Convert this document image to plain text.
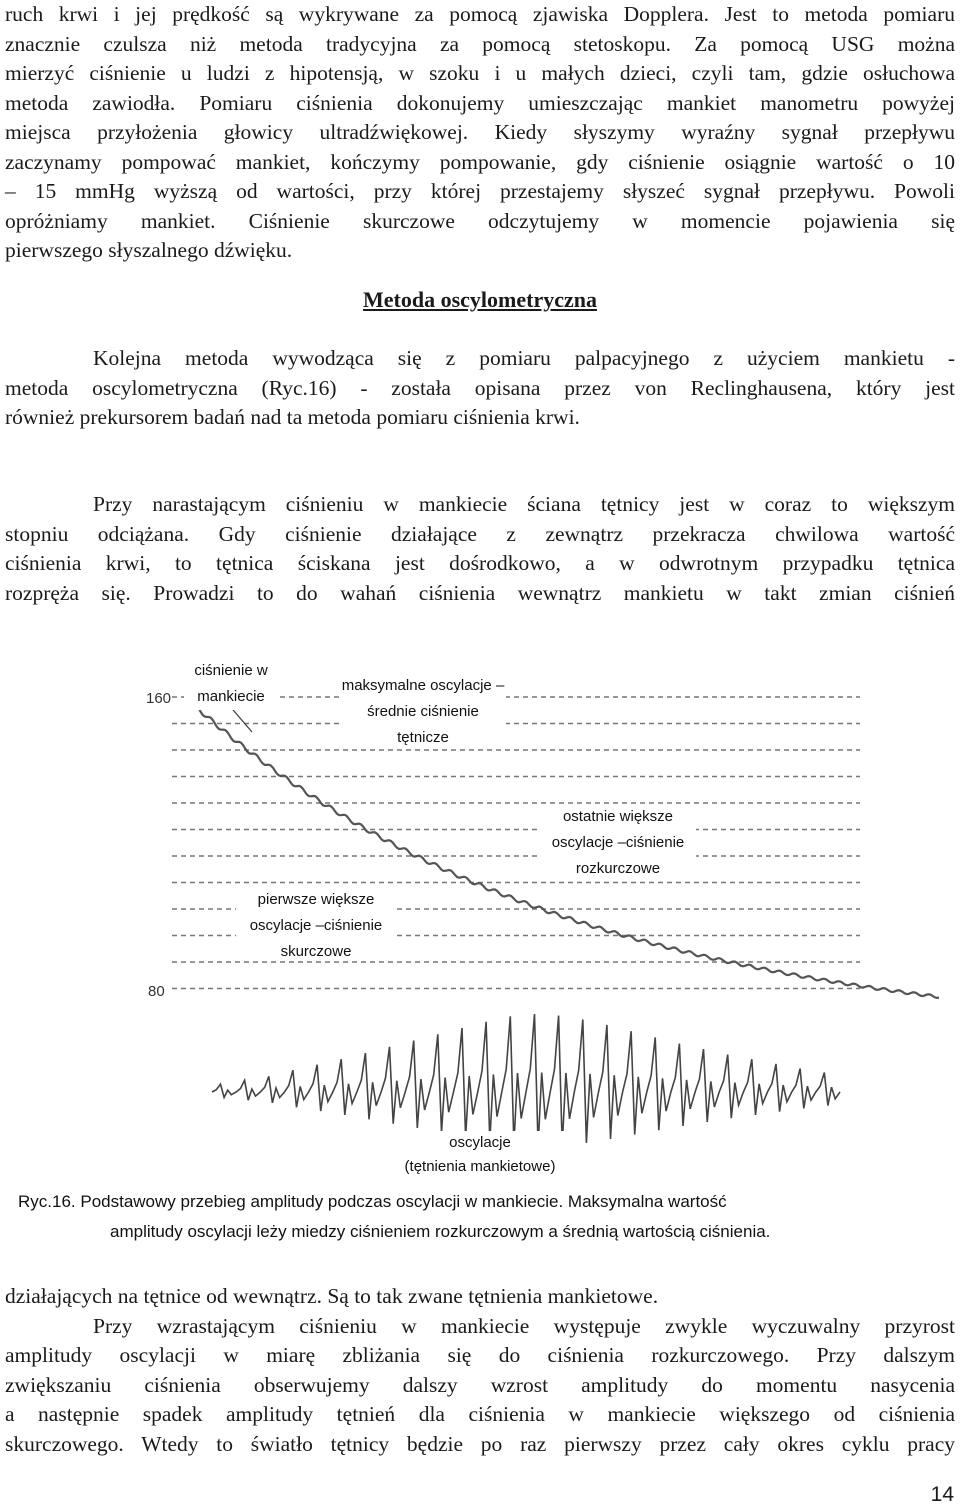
ruch krwi i jej prędkość są wykrywane za pomocą zjawiska Dopplera. Jest to metoda pomiaru
znacznie czulsza niż metoda tradycyjna za pomocą stetoskopu. Za pomocą USG można
mierzyć ciśnienie u ludzi z hipotensją, w szoku i u małych dzieci, czyli tam, gdzie osłuchowa
metoda zawiodła. Pomiaru ciśnienia dokonujemy umieszczając mankiet manometru powyżej
miejsca przyłożenia głowicy ultradźwiękowej. Kiedy słyszymy wyraźny sygnał przepływu
zaczynamy pompować mankiet, kończymy pompowanie, gdy ciśnienie osiągnie wartość o 10
– 15 mmHg wyższą od wartości, przy której przestajemy słyszeć sygnał przepływu. Powoli
opróżniamy mankiet. Ciśnienie skurczowe odczytujemy w momencie pojawienia się
pierwszego słyszalnego dźwięku.
Metoda oscylometryczna
Kolejna metoda wywodząca się z pomiaru palpacyjnego z użyciem mankietu -
metoda oscylometryczna (Ryc.16) - została opisana przez von Reclinghausena, który jest
również prekursorem badań nad ta metoda pomiaru ciśnienia krwi.
Przy narastającym ciśnieniu w mankiecie ściana tętnicy jest w coraz to większym
stopniu odciążana. Gdy ciśnienie działające z zewnątrz przekracza chwilowa wartość
ciśnienia krwi, to tętnica ściskana jest dośrodkowo, a w odwrotnym przypadku tętnica
rozpręża się. Prowadzi to do wahań ciśnienia wewnątrz mankietu w takt zmian ciśnień
160
80
ciśnienie w mankiecie
maksymalne oscylacje – średnie ciśnienie tętnicze
ostatnie większe oscylacje –ciśnienie rozkurczowe
pierwsze większe oscylacje –ciśnienie skurczowe
oscylacje
(tętnienia mankietowe)
Ryc.16. Podstawowy przebieg amplitudy podczas oscylacji w mankiecie. Maksymalna wartość
amplitudy oscylacji leży miedzy ciśnieniem rozkurczowym a średnią wartością ciśnienia.
działających na tętnice od wewnątrz. Są to tak zwane tętnienia mankietowe.
Przy wzrastającym ciśnieniu w mankiecie występuje zwykle wyczuwalny przyrost
amplitudy oscylacji w miarę zbliżania się do ciśnienia rozkurczowego. Przy dalszym
zwiększaniu ciśnienia obserwujemy dalszy wzrost amplitudy do momentu nasycenia
a następnie spadek amplitudy tętnień dla ciśnienia w mankiecie większego od ciśnienia
skurczowego. Wtedy to światło tętnicy będzie po raz pierwszy przez cały okres cyklu pracy
14
